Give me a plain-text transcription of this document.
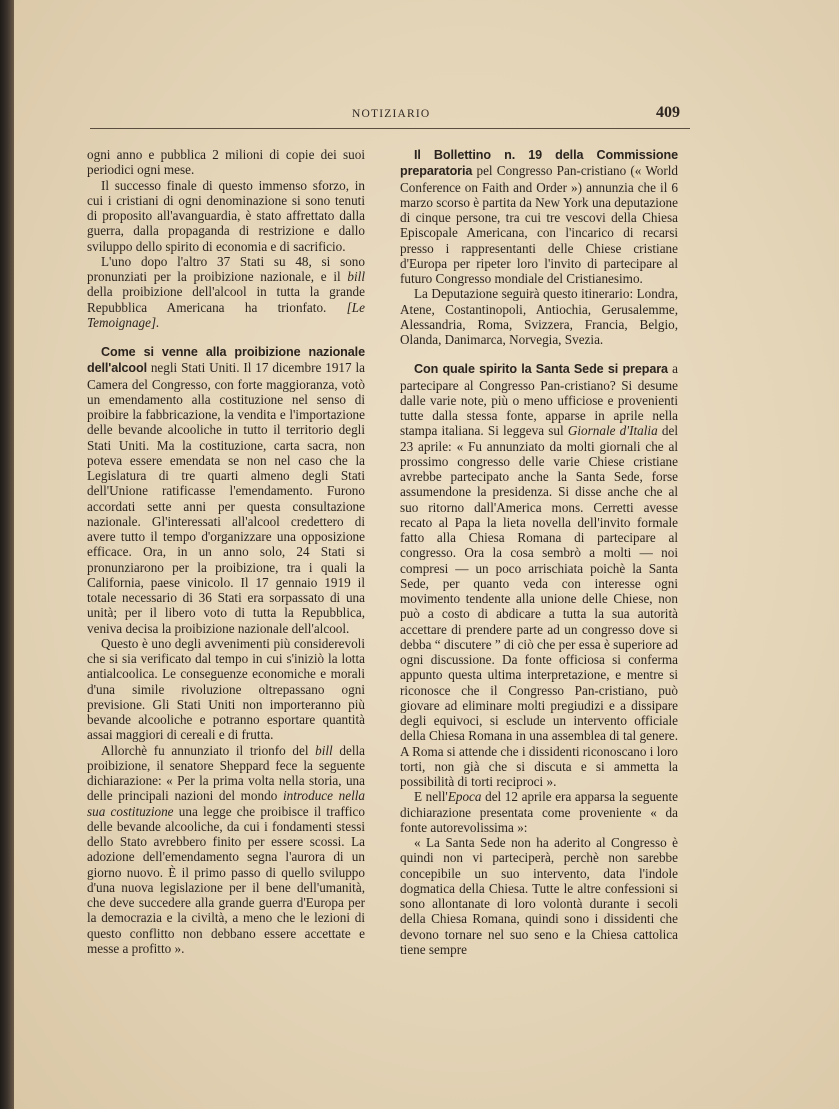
NOTIZIARIO	409

ogni anno e pubblica 2 milioni di copie dei suoi periodici ogni mese.

Il successo finale di questo immenso sforzo, in cui i cristiani di ogni denominazione si sono tenuti di proposito all'avanguardia, è stato affrettato dalla guerra, dalla propaganda di restrizione e dallo sviluppo dello spirito di economia e di sacrificio.

L'uno dopo l'altro 37 Stati su 48, si sono pronunziati per la proibizione nazionale, e il bill della proibizione dell'alcool in tutta la grande Repubblica Americana ha trionfato. [Le Temoignage].

Come si venne alla proibizione nazionale dell'alcool negli Stati Uniti. Il 17 dicembre 1917 la Camera del Congresso, con forte maggioranza, votò un emendamento alla costituzione nel senso di proibire la fabbricazione, la vendita e l'importazione delle bevande alcooliche in tutto il territorio degli Stati Uniti. Ma la costituzione, carta sacra, non poteva essere emendata se non nel caso che la Legislatura di tre quarti almeno degli Stati dell'Unione ratificasse l'emendamento. Furono accordati sette anni per questa consultazione nazionale. Gl'interessati all'alcool credettero di avere tutto il tempo d'organizzare una opposizione efficace. Ora, in un anno solo, 24 Stati si pronunziarono per la proibizione, tra i quali la California, paese vinicolo. Il 17 gennaio 1919 il totale necessario di 36 Stati era sorpassato di una unità; per il libero voto di tutta la Repubblica, veniva decisa la proibizione nazionale dell'alcool.

Questo è uno degli avvenimenti più considerevoli che si sia verificato dal tempo in cui s'iniziò la lotta antialcoolica. Le conseguenze economiche e morali d'una simile rivoluzione oltrepassano ogni previsione. Gli Stati Uniti non importeranno più bevande alcooliche e potranno esportare quantità assai maggiori di cereali e di frutta.

Allorchè fu annunziato il trionfo del bill della proibizione, il senatore Sheppard fece la seguente dichiarazione: « Per la prima volta nella storia, una delle principali nazioni del mondo introduce nella sua costituzione una legge che proibisce il traffico delle bevande alcooliche, da cui i fondamenti stessi dello Stato avrebbero finito per essere scossi. La adozione dell'emendamento segna l'aurora di un giorno nuovo. È il primo passo di quello sviluppo d'una nuova legislazione per il bene dell'umanità, che deve succedere alla grande guerra d'Europa per la democrazia e la civiltà, a meno che le lezioni di questo conflitto non debbano essere accettate e messe a profitto ».

Il Bollettino n. 19 della Commissione preparatoria pel Congresso Pan-cristiano (« World Conference on Faith and Order ») annunzia che il 6 marzo scorso è partita da New York una deputazione di cinque persone, tra cui tre vescovi della Chiesa Episcopale Americana, con l'incarico di recarsi presso i rappresentanti delle Chiese cristiane d'Europa per ripeter loro l'invito di partecipare al futuro Congresso mondiale del Cristianesimo.

La Deputazione seguirà questo itinerario: Londra, Atene, Costantinopoli, Antiochia, Gerusalemme, Alessandria, Roma, Svizzera, Francia, Belgio, Olanda, Danimarca, Norvegia, Svezia.

Con quale spirito la Santa Sede si prepara a partecipare al Congresso Pan-cristiano? Si desume dalle varie note, più o meno ufficiose e provenienti tutte dalla stessa fonte, apparse in aprile nella stampa italiana. Si leggeva sul Giornale d'Italia del 23 aprile: « Fu annunziato da molti giornali che al prossimo congresso delle varie Chiese cristiane avrebbe partecipato anche la Santa Sede, forse assumendone la presidenza. Si disse anche che al suo ritorno dall'America mons. Cerretti avesse recato al Papa la lieta novella dell'invito formale fatto alla Chiesa Romana di partecipare al congresso. Ora la cosa sembrò a molti — noi compresi — un poco arrischiata poichè la Santa Sede, per quanto veda con interesse ogni movimento tendente alla unione delle Chiese, non può a costo di abdicare a tutta la sua autorità accettare di prendere parte ad un congresso dove si debba “ discutere ” di ciò che per essa è superiore ad ogni discussione. Da fonte officiosa si conferma appunto questa ultima interpretazione, e mentre si riconosce che il Congresso Pan-cristiano, può giovare ad eliminare molti pregiudizi e a dissipare degli equivoci, si esclude un intervento officiale della Chiesa Romana in una assemblea di tal genere. A Roma si attende che i dissidenti riconoscano i loro torti, non già che si discuta e si ammetta la possibilità di torti reciproci ».

E nell'Epoca del 12 aprile era apparsa la seguente dichiarazione presentata come proveniente « da fonte autorevolissima »:

« La Santa Sede non ha aderito al Congresso è quindi non vi parteciperà, perchè non sarebbe concepibile un suo intervento, data l'indole dogmatica della Chiesa. Tutte le altre confessioni si sono allontanate di loro volontà durante i secoli della Chiesa Romana, quindi sono i dissidenti che devono tornare nel suo seno e la Chiesa cattolica tiene sempre
